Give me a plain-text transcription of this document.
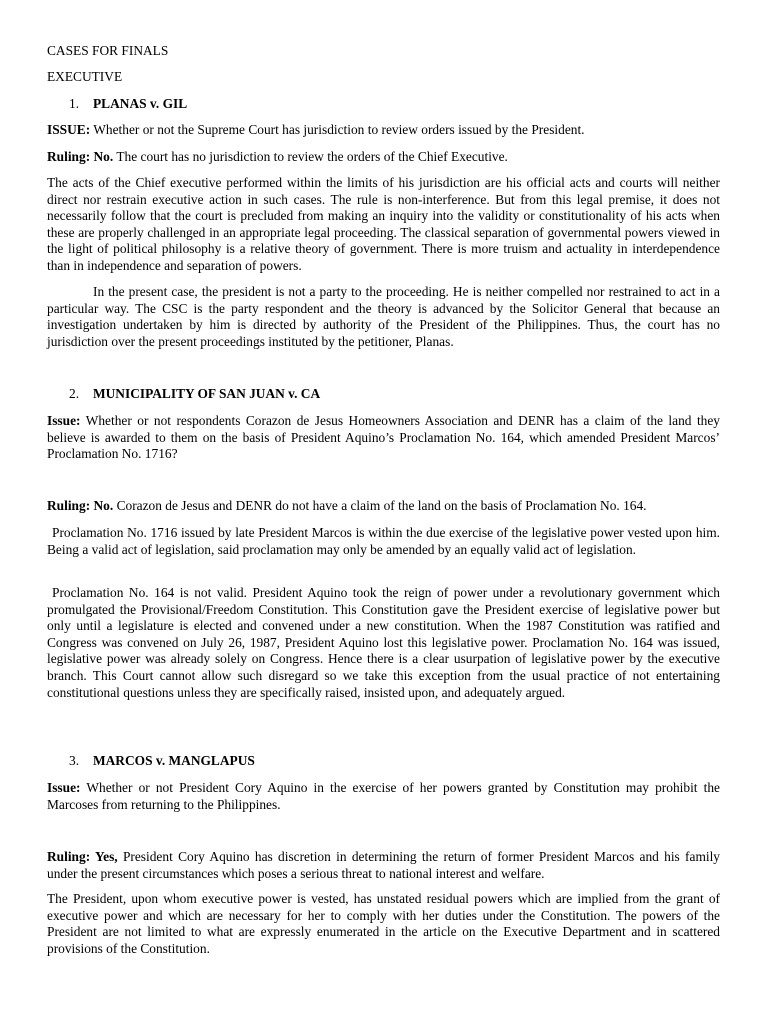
CASES FOR FINALS
EXECUTIVE
1. PLANAS v. GIL
ISSUE: Whether or not the Supreme Court has jurisdiction to review orders issued by the President.
Ruling: No. The court has no jurisdiction to review the orders of the Chief Executive.
The acts of the Chief executive performed within the limits of his jurisdiction are his official acts and courts will neither direct nor restrain executive action in such cases. The rule is non-interference. But from this legal premise, it does not necessarily follow that the court is precluded from making an inquiry into the validity or constitutionality of his acts when these are properly challenged in an appropriate legal proceeding. The classical separation of governmental powers viewed in the light of political philosophy is a relative theory of government. There is more truism and actuality in interdependence than in independence and separation of powers.
In the present case, the president is not a party to the proceeding. He is neither compelled nor restrained to act in a particular way. The CSC is the party respondent and the theory is advanced by the Solicitor General that because an investigation undertaken by him is directed by authority of the President of the Philippines. Thus, the court has no jurisdiction over the present proceedings instituted by the petitioner, Planas.
2. MUNICIPALITY OF SAN JUAN v. CA
Issue: Whether or not respondents Corazon de Jesus Homeowners Association and DENR has a claim of the land they believe is awarded to them on the basis of President Aquino’s Proclamation No. 164, which amended President Marcos’ Proclamation No. 1716?
Ruling: No. Corazon de Jesus and DENR do not have a claim of the land on the basis of Proclamation No. 164.
Proclamation No. 1716 issued by late President Marcos is within the due exercise of the legislative power vested upon him. Being a valid act of legislation, said proclamation may only be amended by an equally valid act of legislation.
Proclamation No. 164 is not valid. President Aquino took the reign of power under a revolutionary government which promulgated the Provisional/Freedom Constitution. This Constitution gave the President exercise of legislative power but only until a legislature is elected and convened under a new constitution. When the 1987 Constitution was ratified and Congress was convened on July 26, 1987, President Aquino lost this legislative power. Proclamation No. 164 was issued, legislative power was already solely on Congress. Hence there is a clear usurpation of legislative power by the executive branch. This Court cannot allow such disregard so we take this exception from the usual practice of not entertaining constitutional questions unless they are specifically raised, insisted upon, and adequately argued.
3. MARCOS v. MANGLAPUS
Issue: Whether or not President Cory Aquino in the exercise of her powers granted by Constitution may prohibit the Marcoses from returning to the Philippines.
Ruling: Yes, President Cory Aquino has discretion in determining the return of former President Marcos and his family under the present circumstances which poses a serious threat to national interest and welfare.
The President, upon whom executive power is vested, has unstated residual powers which are implied from the grant of executive power and which are necessary for her to comply with her duties under the Constitution. The powers of the President are not limited to what are expressly enumerated in the article on the Executive Department and in scattered provisions of the Constitution.
